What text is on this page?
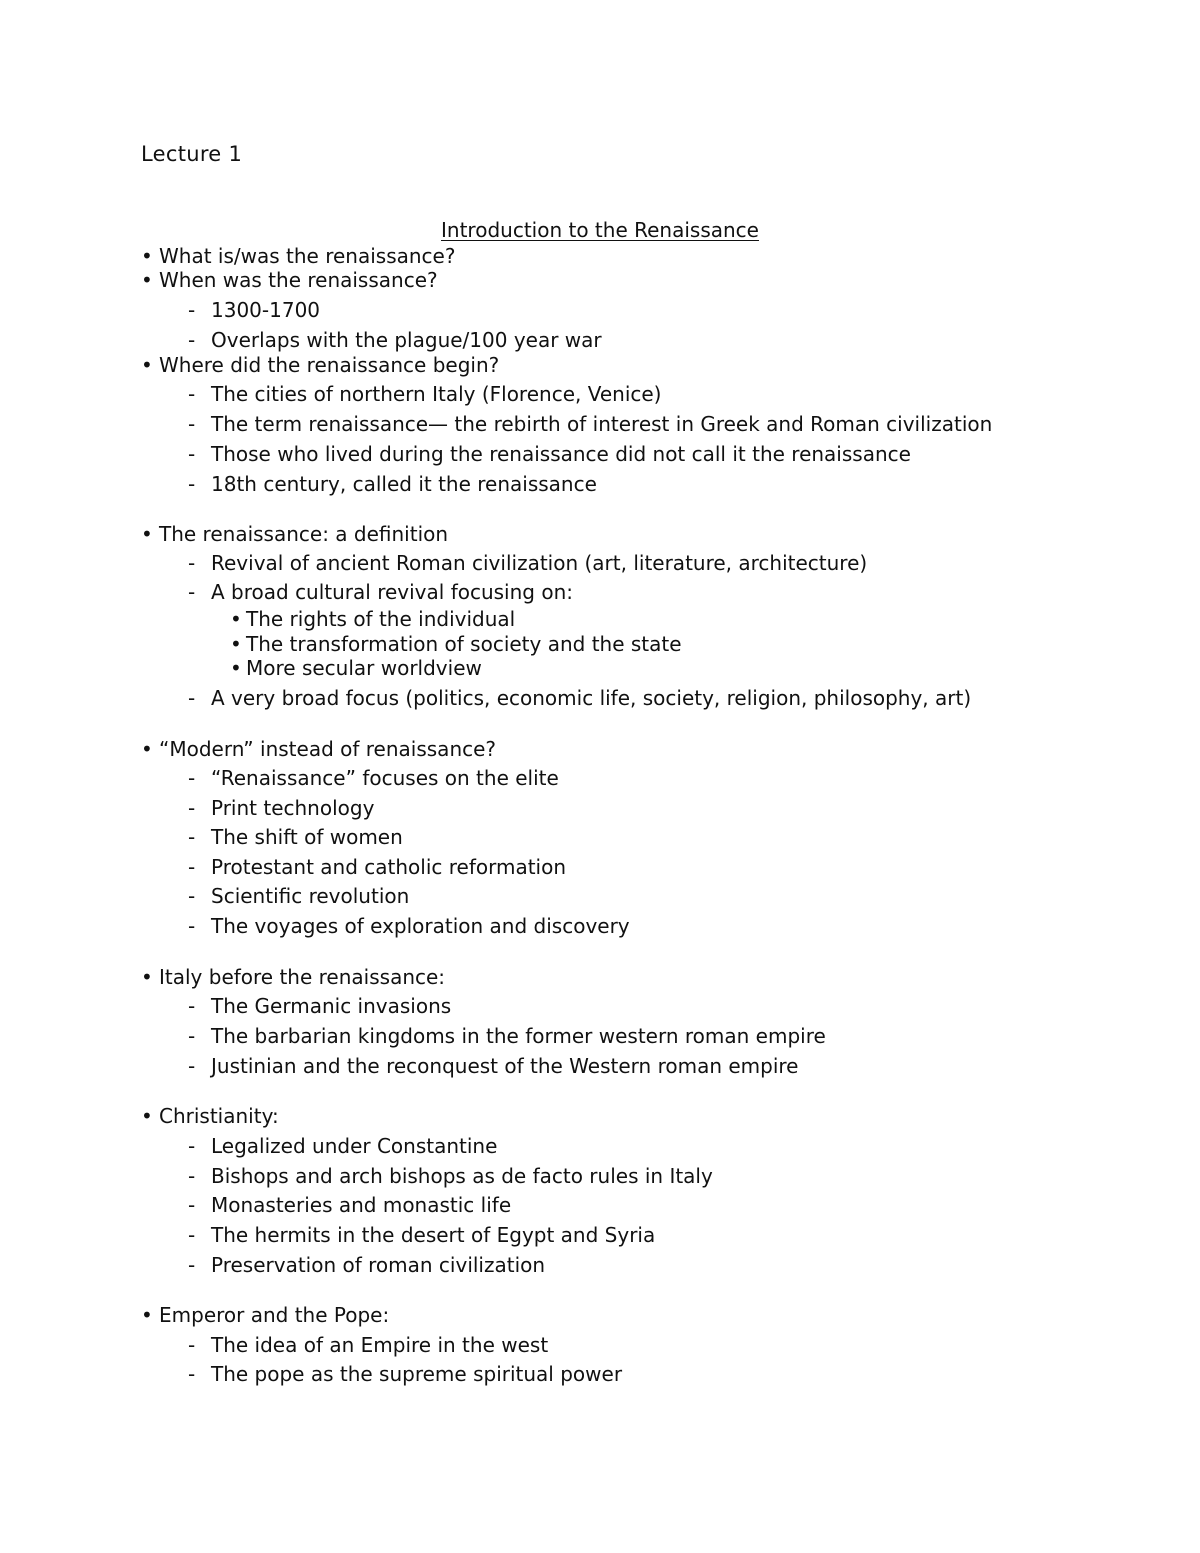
Lecture 1
Introduction to the Renaissance
• What is/was the renaissance?
• When was the renaissance?
- 1300-1700
- Overlaps with the plague/100 year war
• Where did the renaissance begin?
- The cities of northern Italy (Florence, Venice)
- The term renaissance— the rebirth of interest in Greek and Roman civilization
- Those who lived during the renaissance did not call it the renaissance
- 18th century, called it the renaissance
• The renaissance: a definition
- Revival of ancient Roman civilization (art, literature, architecture)
- A broad cultural revival focusing on:
• The rights of the individual
• The transformation of society and the state
• More secular worldview
- A very broad focus (politics, economic life, society, religion, philosophy, art)
• “Modern” instead of renaissance?
- “Renaissance” focuses on the elite
- Print technology
- The shift of women
- Protestant and catholic reformation
- Scientific revolution
- The voyages of exploration and discovery
• Italy before the renaissance:
- The Germanic invasions
- The barbarian kingdoms in the former western roman empire
- Justinian and the reconquest of the Western roman empire
• Christianity:
- Legalized under Constantine
- Bishops and arch bishops as de facto rules in Italy
- Monasteries and monastic life
- The hermits in the desert of Egypt and Syria
- Preservation of roman civilization
• Emperor and the Pope:
- The idea of an Empire in the west
- The pope as the supreme spiritual power
